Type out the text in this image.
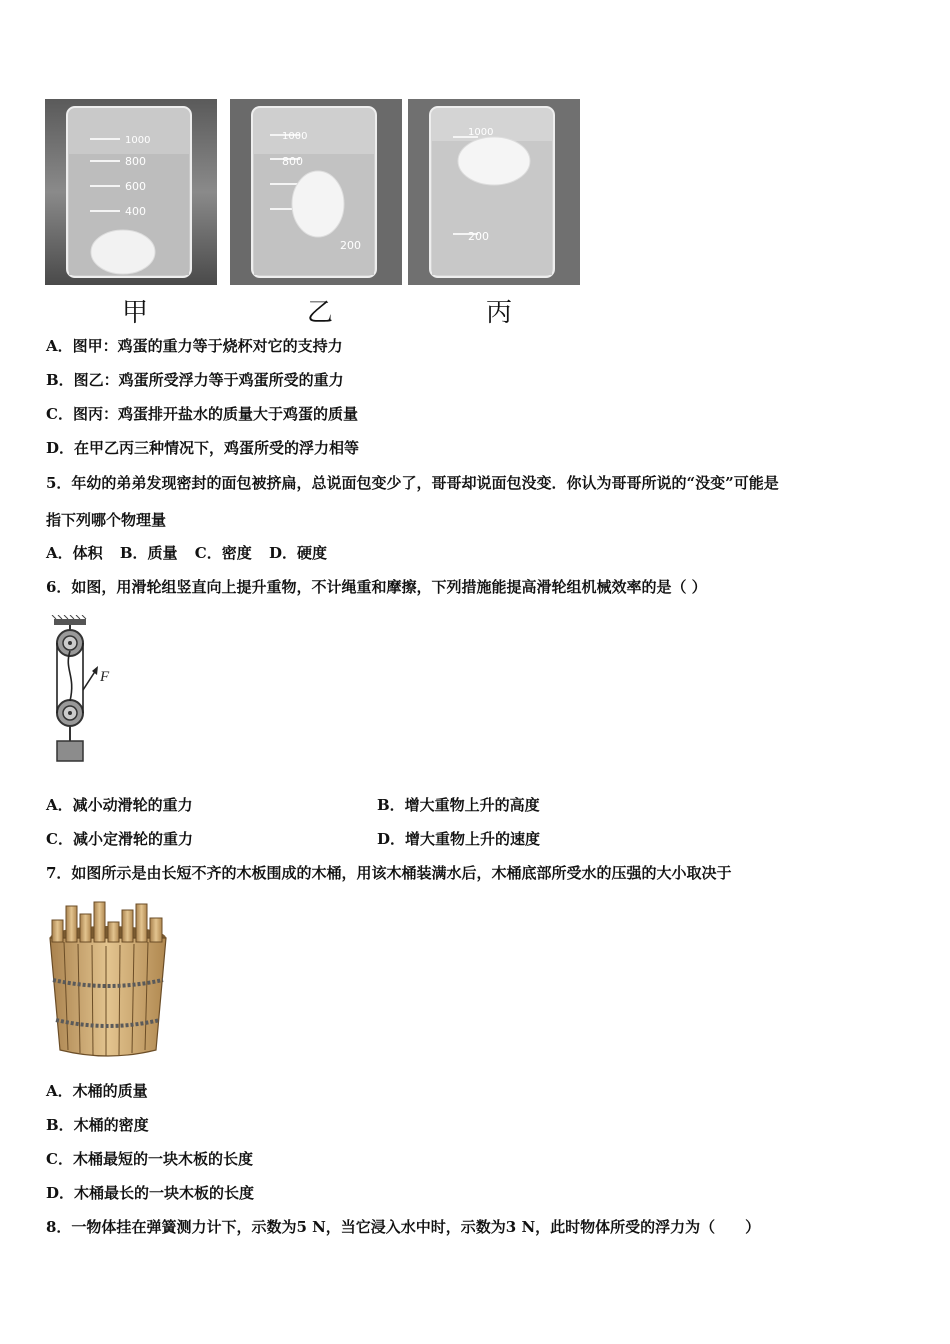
1000
800
600
400
甲
1000
800
200
乙
1000
200
丙
A．图甲：鸡蛋的重力等于烧杯对它的支持力
B．图乙：鸡蛋所受浮力等于鸡蛋所受的重力
C．图丙：鸡蛋排开盐水的质量大于鸡蛋的质量
D．在甲乙丙三种情况下，鸡蛋所受的浮力相等
5．年幼的弟弟发现密封的面包被挤扁，总说面包变少了，哥哥却说面包没变．你认为哥哥所说的“没变”可能是
指下列哪个物理量
A．体积 B．质量 C．密度 D．硬度
6．如图，用滑轮组竖直向上提升重物，不计绳重和摩擦，下列措施能提高滑轮组机械效率的是（ ）
F
A．减小动滑轮的重力	B．增大重物上升的高度
C．减小定滑轮的重力	D．增大重物上升的速度
7．如图所示是由长短不齐的木板围成的木桶，用该木桶装满水后，木桶底部所受水的压强的大小取决于
A．木桶的质量
B．木桶的密度
C．木桶最短的一块木板的长度
D．木桶最长的一块木板的长度
8．一物体挂在弹簧测力计下，示数为5 N，当它浸入水中时，示数为3 N，此时物体所受的浮力为（　　）
